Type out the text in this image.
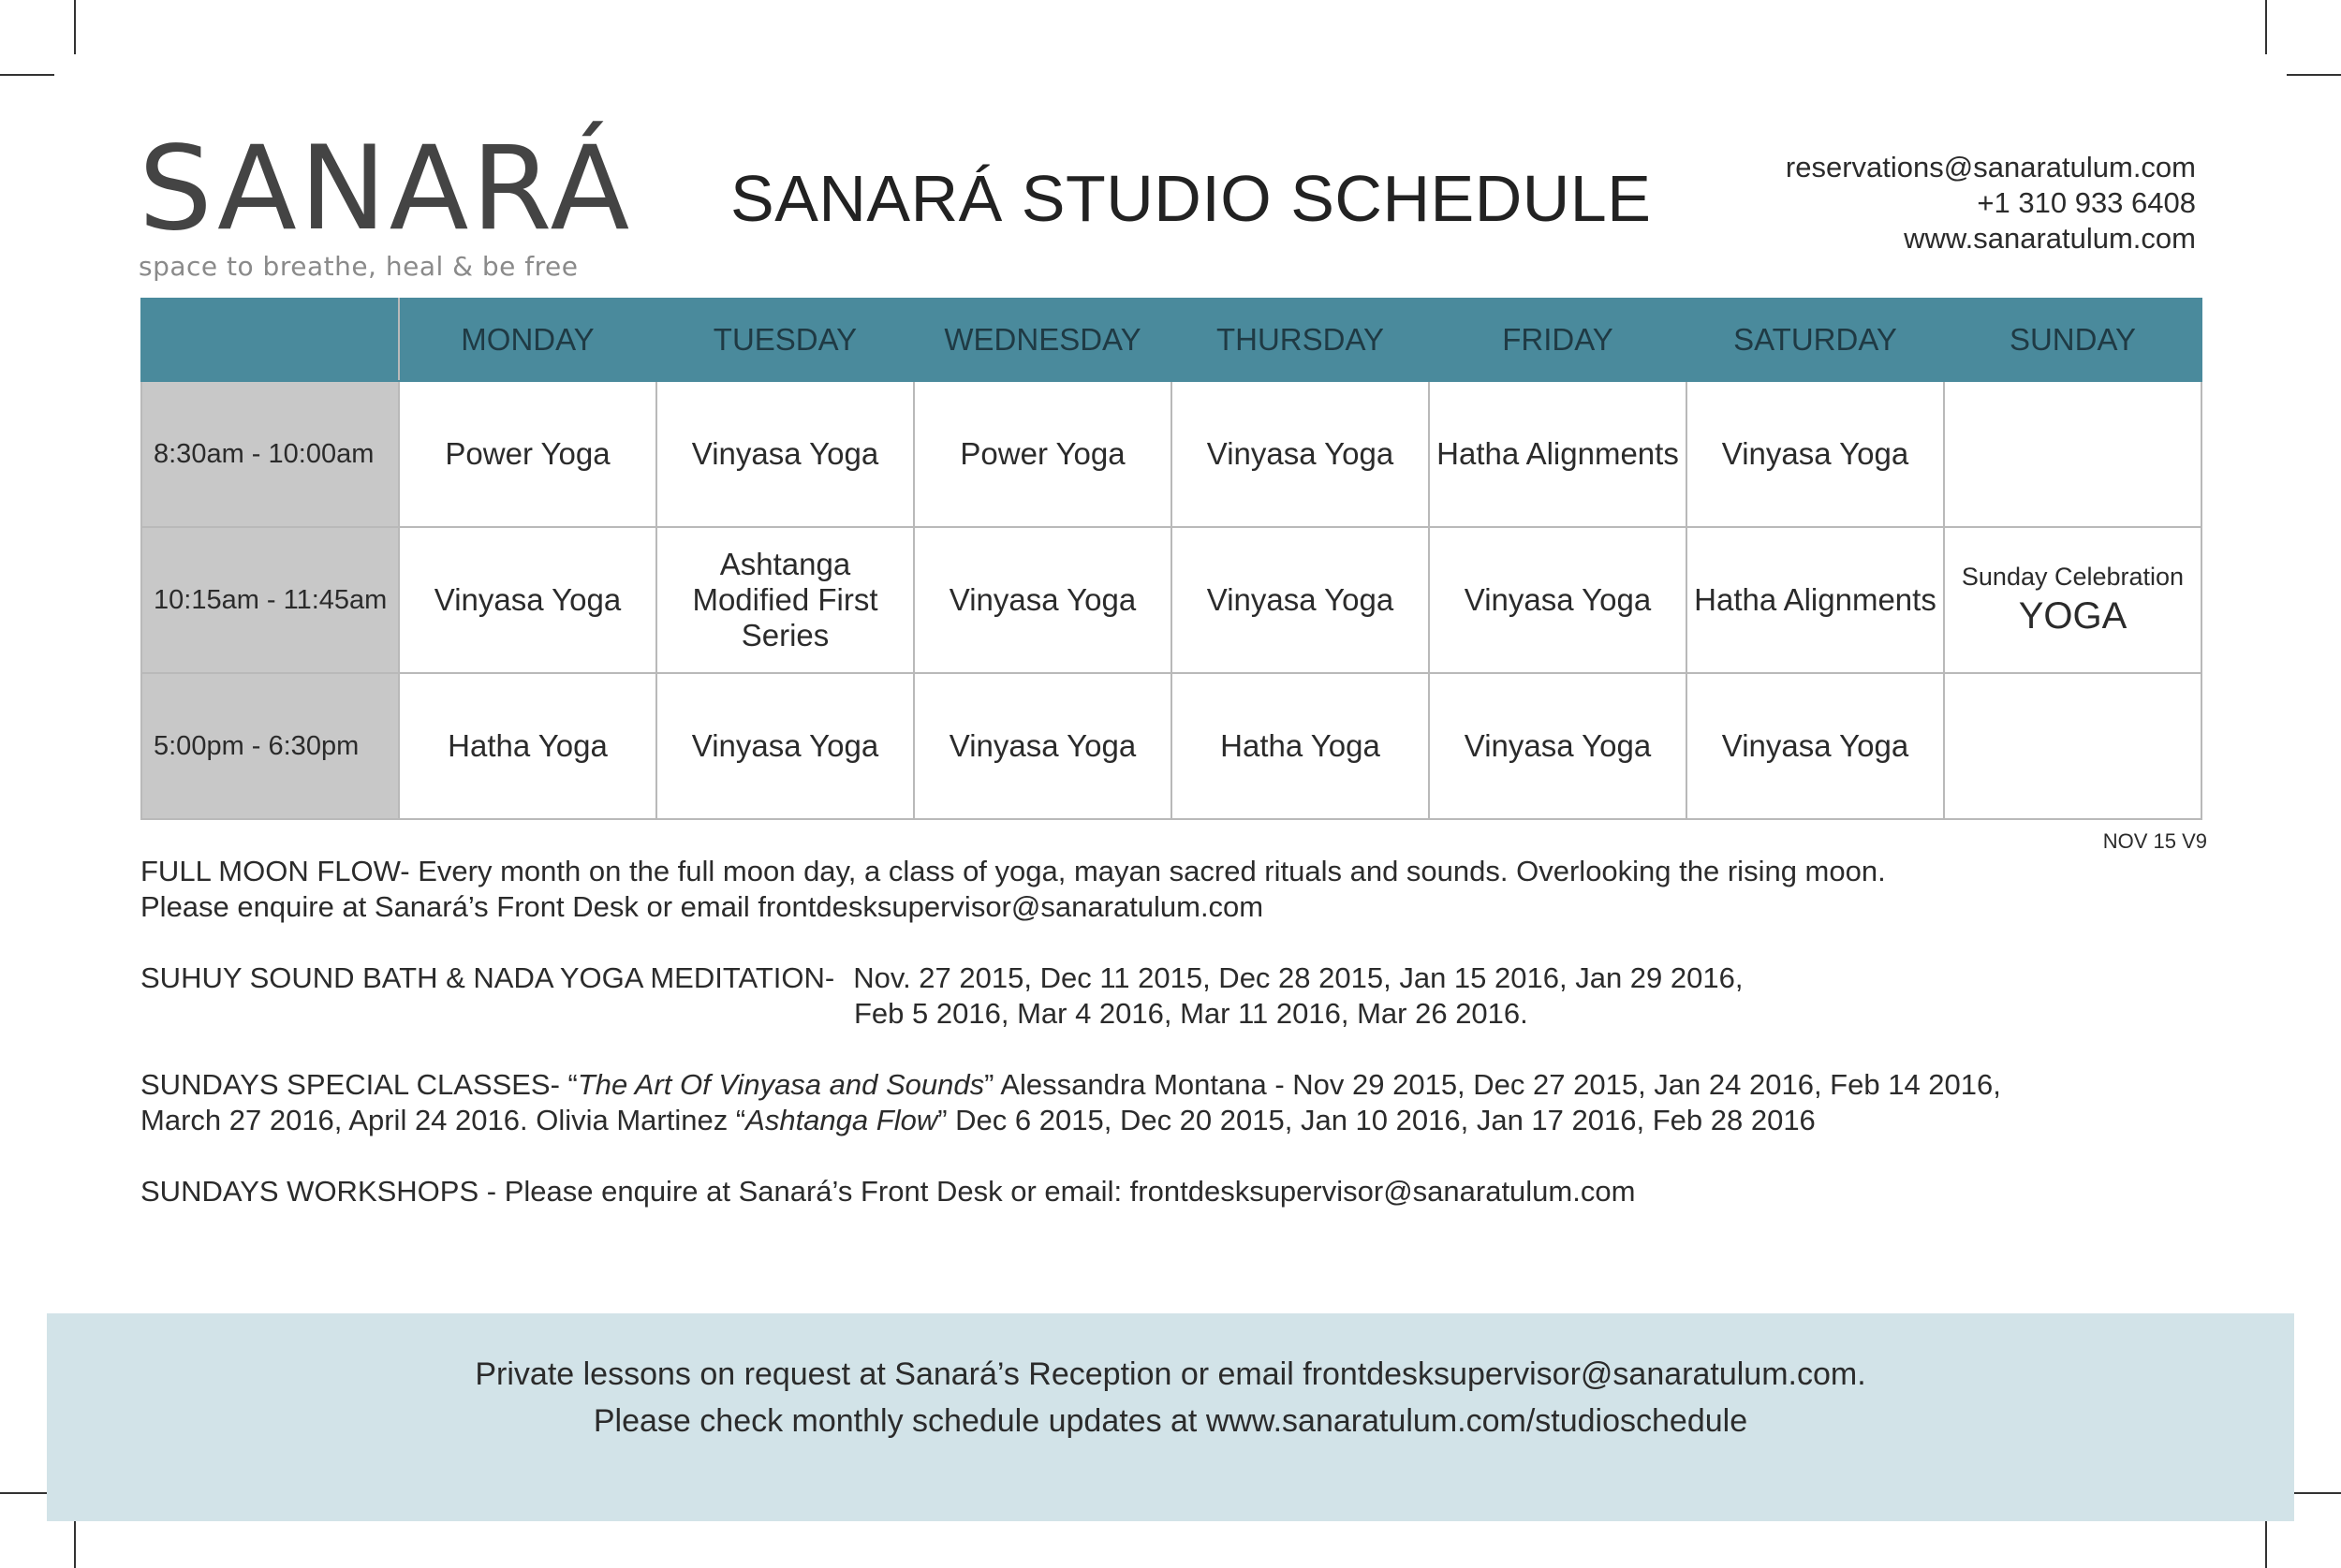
SANARÁ
space to breathe, heal & be free
SANARÁ STUDIO SCHEDULE	reservations@sanaratulum.com
+1 310 933 6408
www.sanaratulum.com
	MONDAY	TUESDAY	WEDNESDAY	THURSDAY	FRIDAY	SATURDAY	SUNDAY
8:30am - 10:00am	Power Yoga	Vinyasa Yoga	Power Yoga	Vinyasa Yoga	Hatha Alignments	Vinyasa Yoga	
10:15am - 11:45am	Vinyasa Yoga	Ashtanga Modified First Series	Vinyasa Yoga	Vinyasa Yoga	Vinyasa Yoga	Hatha Alignments	Sunday Celebration
YOGA

5:00pm - 6:30pm	Hatha Yoga	Vinyasa Yoga	Vinyasa Yoga	Hatha Yoga	Vinyasa Yoga	Vinyasa Yoga	
NOV 15 V9

FULL MOON FLOW- Every month on the full moon day, a class of yoga, mayan sacred rituals and sounds. Overlooking the rising moon.

Please enquire at Sanará’s Front Desk or email frontdesksupervisor@sanaratulum.com

SUHUY SOUND BATH & NADA YOGA MEDITATION- Nov. 27 2015, Dec 11 2015, Dec 28 2015, Jan 15 2016, Jan 29 2016,

Feb 5 2016, Mar 4 2016, Mar 11 2016, Mar 26 2016.

SUNDAYS SPECIAL CLASSES- “The Art Of Vinyasa and Sounds” Alessandra Montana - Nov 29 2015, Dec 27 2015, Jan 24 2016, Feb 14 2016,

March 27 2016, April 24 2016. Olivia Martinez “Ashtanga Flow” Dec 6 2015, Dec 20 2015, Jan 10 2016, Jan 17 2016, Feb 28 2016

SUNDAYS WORKSHOPS - Please enquire at Sanará’s Front Desk or email: frontdesksupervisor@sanaratulum.com

Private lessons on request at Sanará’s Reception or email frontdesksupervisor@sanaratulum.com.
Please check monthly schedule updates at www.sanaratulum.com/studioschedule
